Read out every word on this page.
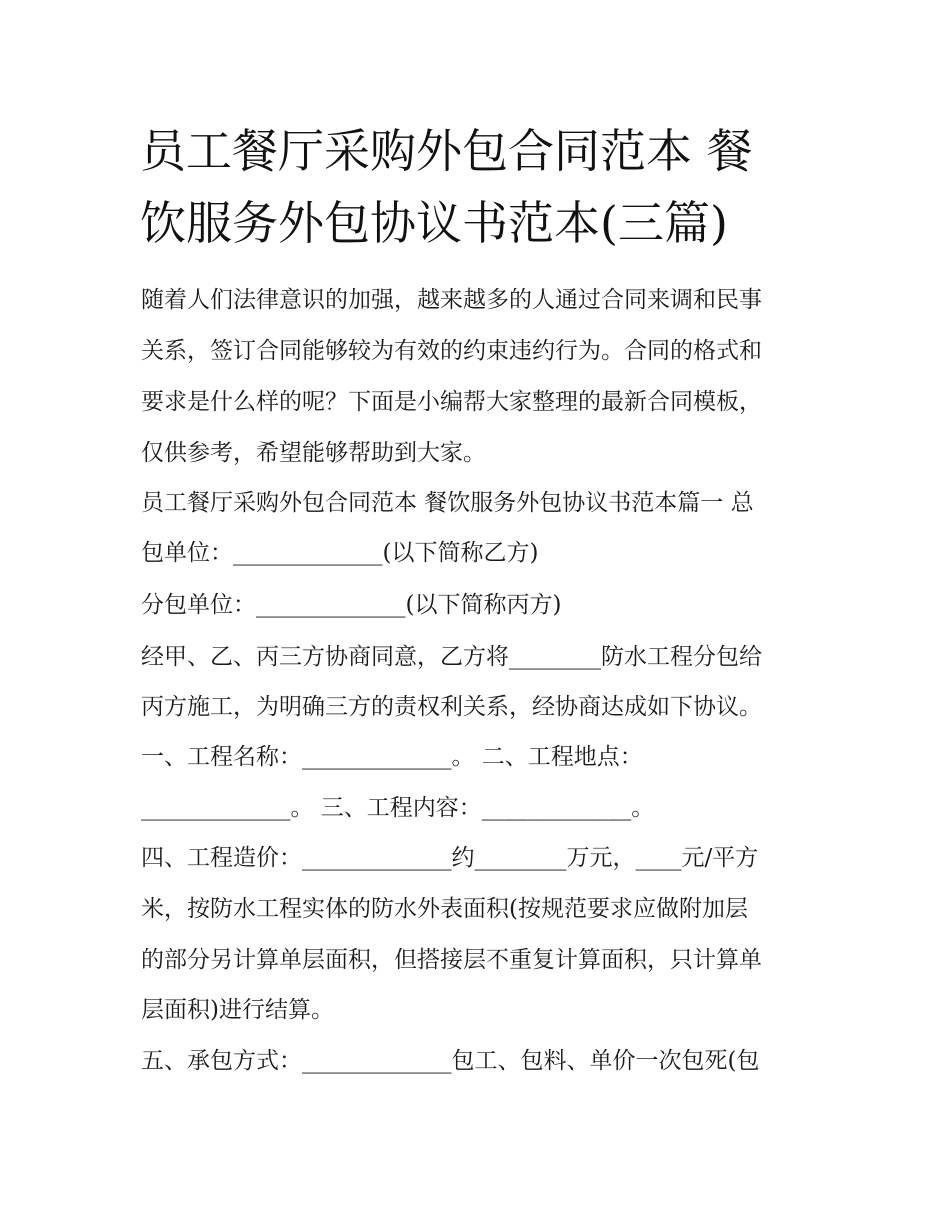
员工餐厅采购外包合同范本 餐
饮服务外包协议书范本(三篇)

随着人们法律意识的加强，越来越多的人通过合同来调和民事

关系，签订合同能够较为有效的约束违约行为。合同的格式和

要求是什么样的呢？下面是小编帮大家整理的最新合同模板，

仅供参考，希望能够帮助到大家。

员工餐厅采购外包合同范本 餐饮服务外包协议书范本篇一 总

包单位：_____________(以下简称乙方)

分包单位：_____________(以下简称丙方)

经甲、乙、丙三方协商同意，乙方将________防水工程分包给

丙方施工，为明确三方的责权利关系，经协商达成如下协议。

一、工程名称：_____________。 二、工程地点：

_____________。 三、工程内容：_____________。

四、工程造价：_____________约________万元，____元/平方

米，按防水工程实体的防水外表面积(按规范要求应做附加层

的部分另计算单层面积，但搭接层不重复计算面积，只计算单

层面积)进行结算。

五、承包方式：_____________包工、包料、单价一次包死(包
